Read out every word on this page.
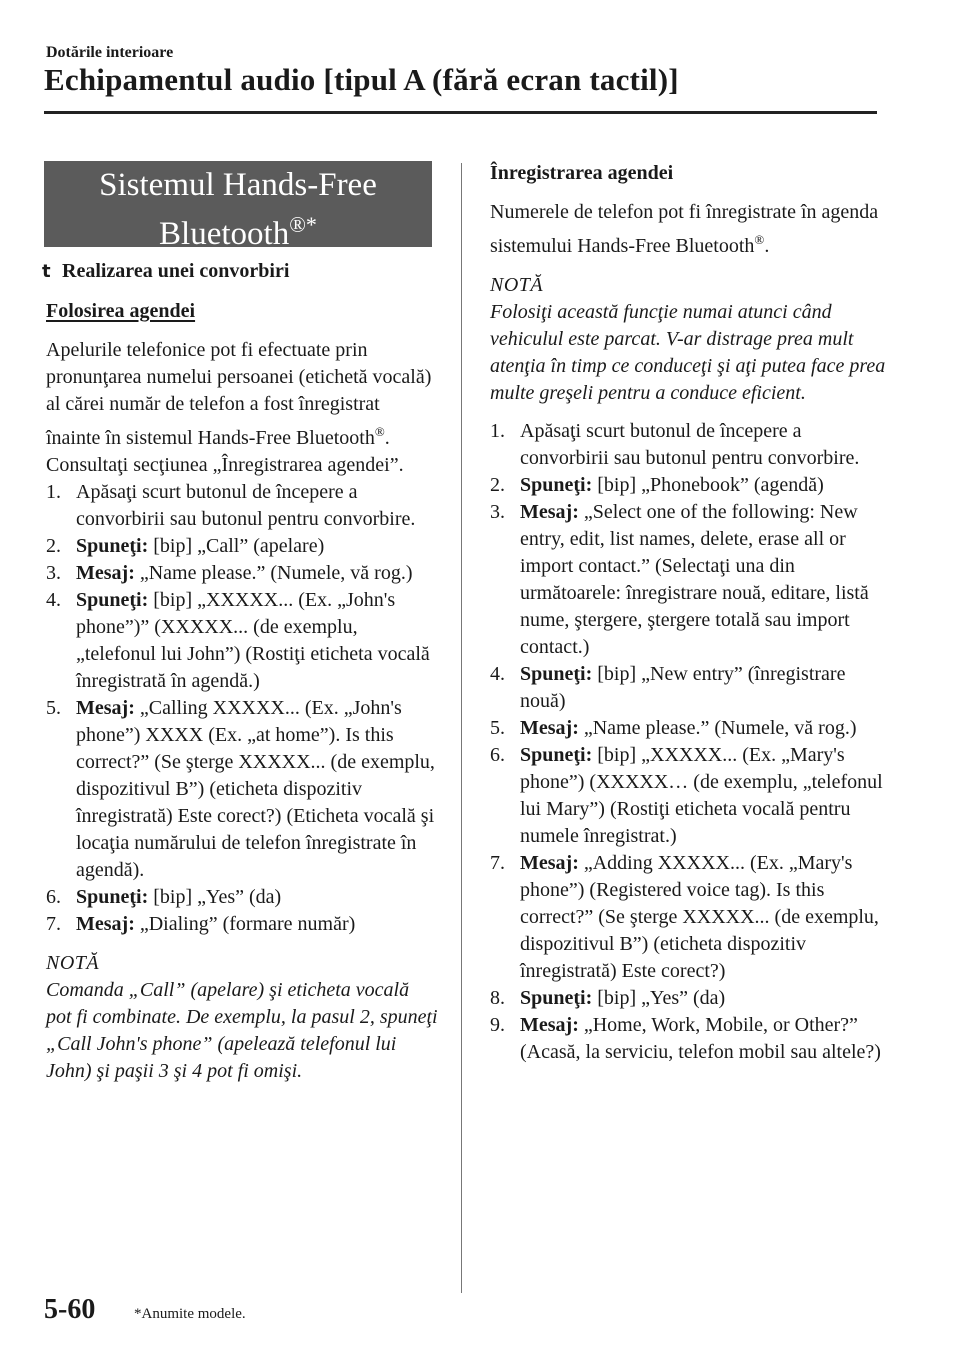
Dotările interioare
Echipamentul audio [tipul A (fără ecran tactil)]
Sistemul Hands-Free
Bluetooth®*
t Realizarea unei convorbiri
Folosirea agendei

Apelurile telefonice pot fi efectuate prin pronunţarea numelui persoanei (etichetă vocală) al cărei număr de telefon a fost înregistrat înainte în sistemul Hands-Free Bluetooth®. Consultaţi secţiunea „Înregistrarea agendei”.

1. Apăsaţi scurt butonul de începere a convorbirii sau butonul pentru convorbire.
2. Spuneţi: [bip] „Call” (apelare)
3. Mesaj: „Name please.” (Numele, vă rog.)
4. Spuneţi: [bip] „XXXXX... (Ex. „John's phone”)” (XXXXX... (de exemplu, „telefonul lui John”) (Rostiţi eticheta vocală înregistrată în agendă.)
5. Mesaj: „Calling XXXXX... (Ex. „John's phone”) XXXX (Ex. „at home”). Is this correct?” (Se şterge XXXXX... (de exemplu, dispozitivul B”) (eticheta dispozitiv înregistrată) Este corect?) (Eticheta vocală şi locaţia numărului de telefon înregistrate în agendă).
6. Spuneţi: [bip] „Yes” (da)
7. Mesaj: „Dialing” (formare număr)

NOTĂ

Comanda „Call” (apelare) şi eticheta vocală pot fi combinate. De exemplu, la pasul 2, spuneţi „Call John's phone” (apelează telefonul lui John) şi paşii 3 şi 4 pot fi omişi.

Înregistrarea agendei

Numerele de telefon pot fi înregistrate în agenda sistemului Hands-Free Bluetooth®.

NOTĂ

Folosiţi această funcţie numai atunci când vehiculul este parcat. V-ar distrage prea mult atenţia în timp ce conduceţi şi aţi putea face prea multe greşeli pentru a conduce eficient.

1. Apăsaţi scurt butonul de începere a convorbirii sau butonul pentru convorbire.
2. Spuneţi: [bip] „Phonebook” (agendă)
3. Mesaj: „Select one of the following: New entry, edit, list names, delete, erase all or import contact.” (Selectaţi una din următoarele: înregistrare nouă, editare, listă nume, ştergere, ştergere totală sau import contact.)
4. Spuneţi: [bip] „New entry” (înregistrare nouă)
5. Mesaj: „Name please.” (Numele, vă rog.)
6. Spuneţi: [bip] „XXXXX... (Ex. „Mary's phone”) (XXXXX… (de exemplu, „telefonul lui Mary”) (Rostiţi eticheta vocală pentru numele înregistrat.)
7. Mesaj: „Adding XXXXX... (Ex. „Mary's phone”) (Registered voice tag). Is this correct?” (Se şterge XXXXX... (de exemplu, dispozitivul B”) (eticheta dispozitiv înregistrată) Este corect?)
8. Spuneţi: [bip] „Yes” (da)
9. Mesaj: „Home, Work, Mobile, or Other?” (Acasă, la serviciu, telefon mobil sau altele?)
5-60	*Anumite modele.
